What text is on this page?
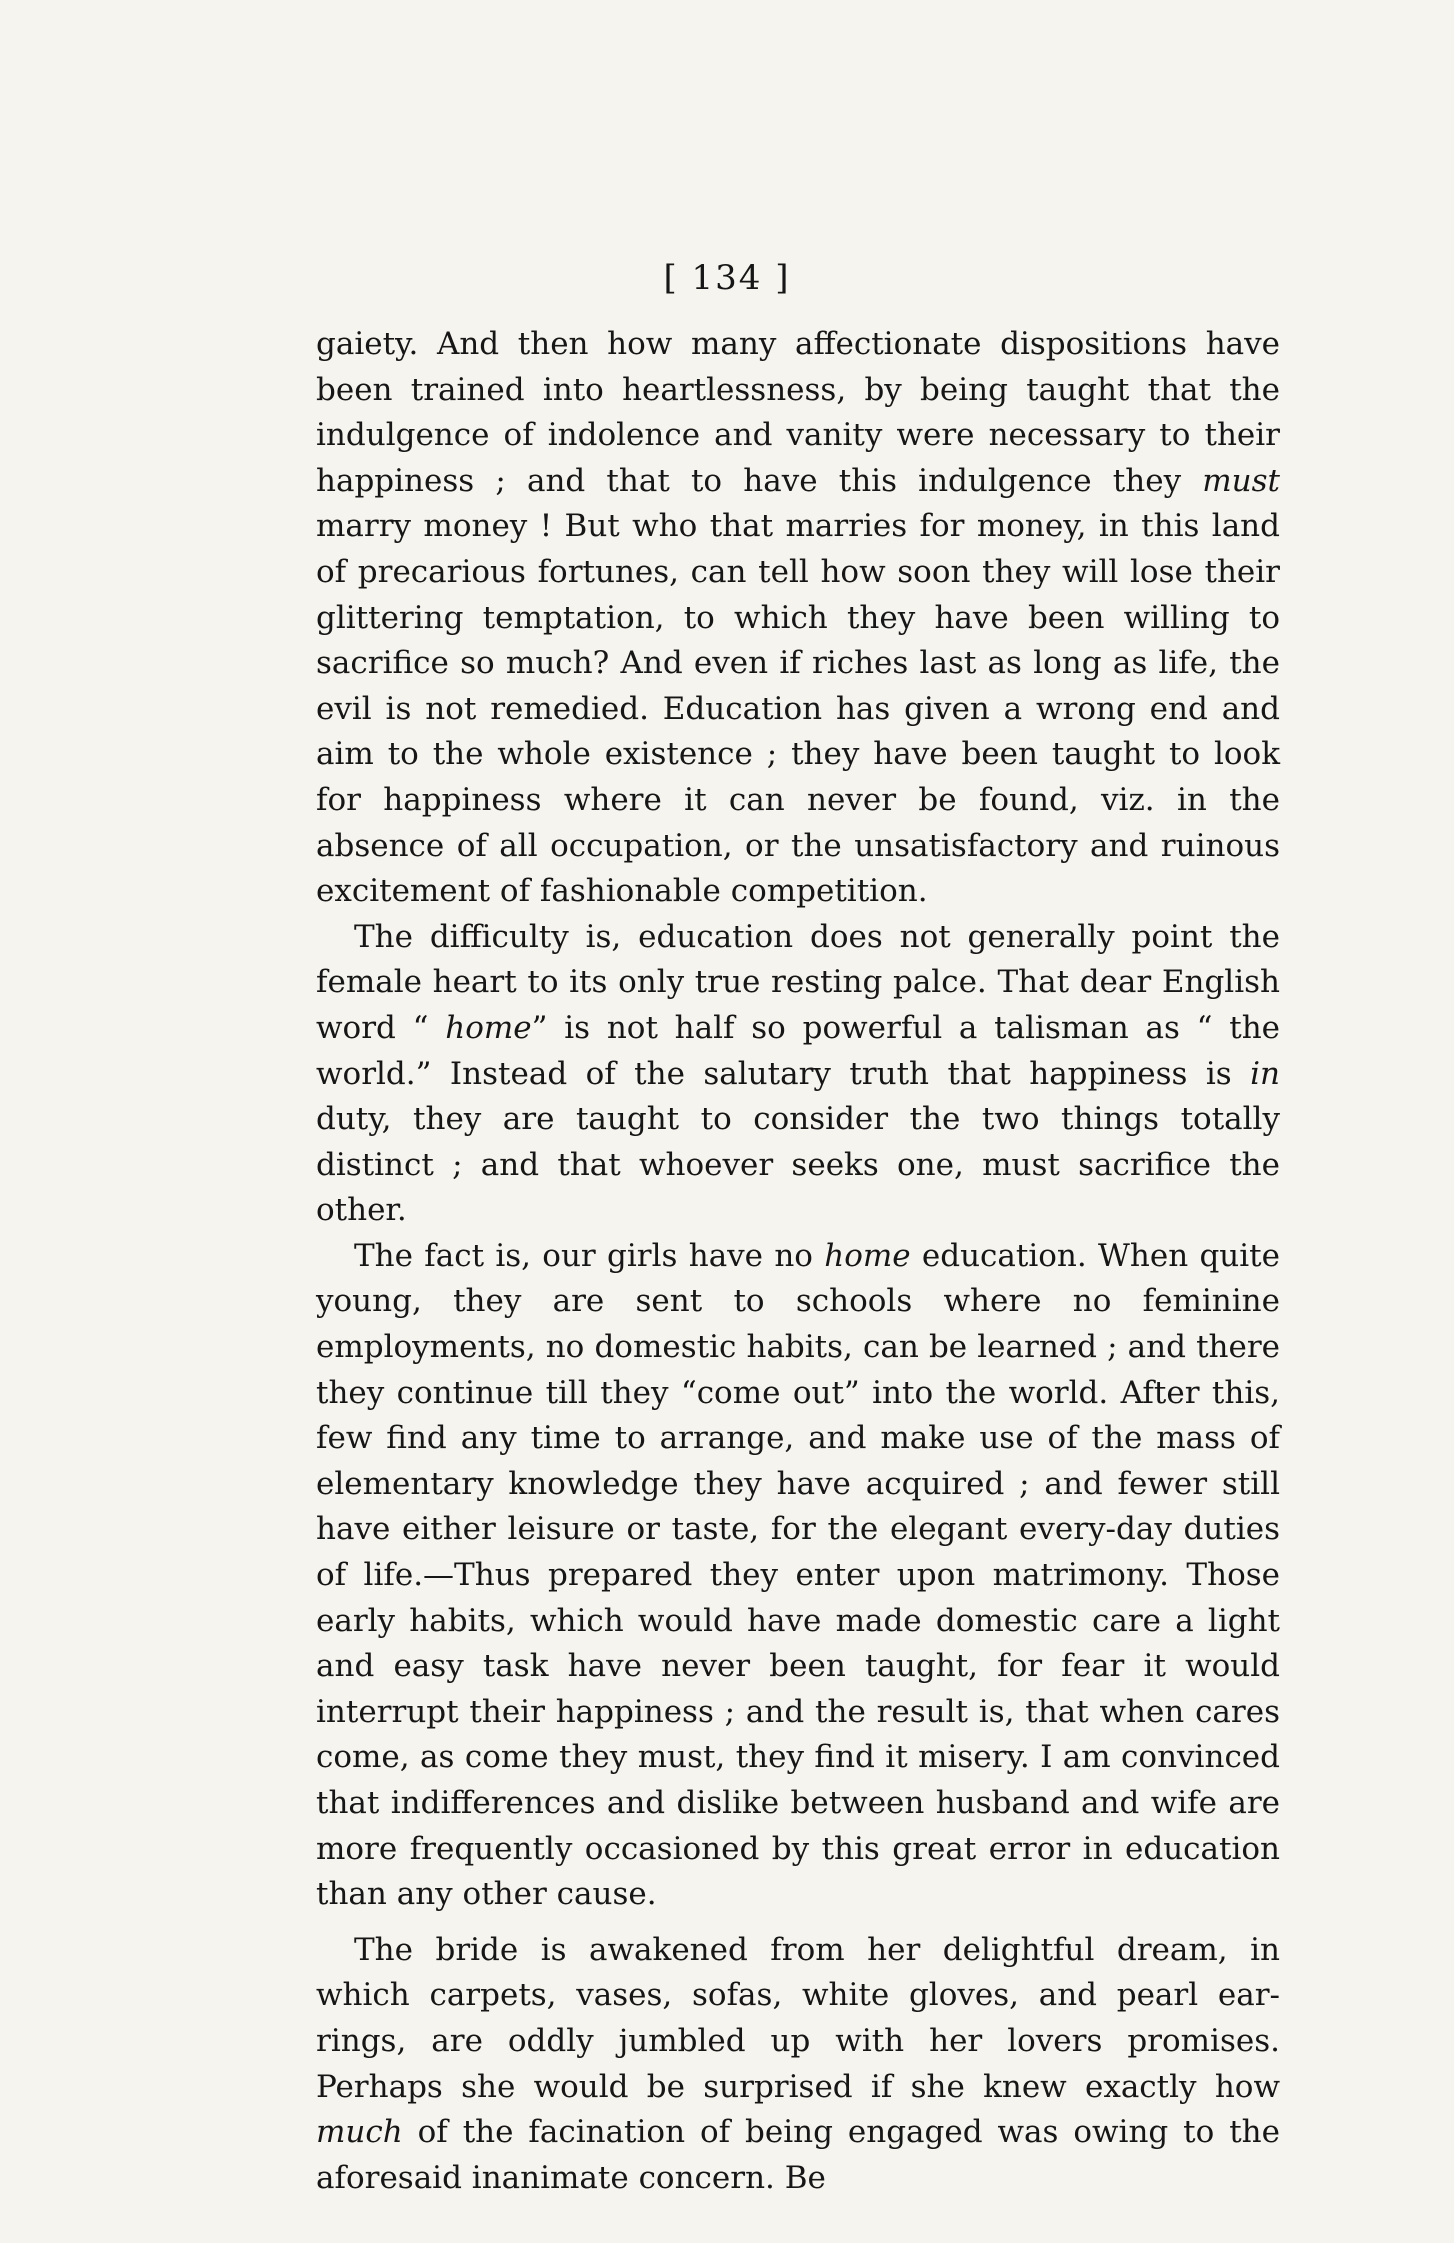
[ 134 ]

gaiety. And then how many affectionate dispositions have been trained into heartlessness, by being taught that the indulgence of indolence and vanity were necessary to their happiness ; and that to have this indulgence they must marry money ! But who that marries for money, in this land of precarious fortunes, can tell how soon they will lose their glittering temptation, to which they have been willing to sacrifice so much? And even if riches last as long as life, the evil is not remedied. Education has given a wrong end and aim to the whole existence ; they have been taught to look for happiness where it can never be found, viz. in the absence of all occupation, or the unsatisfactory and ruinous excitement of fashionable competition.

The difficulty is, education does not generally point the female heart to its only true resting palce. That dear English word “ home” is not half so powerful a talisman as “ the world.” Instead of the salutary truth that happiness is in duty, they are taught to consider the two things totally distinct ; and that whoever seeks one, must sacrifice the other.

The fact is, our girls have no home education. When quite young, they are sent to schools where no feminine employments, no domestic habits, can be learned ; and there they continue till they “come out” into the world. After this, few find any time to arrange, and make use of the mass of elementary knowledge they have acquired ; and fewer still have either leisure or taste, for the elegant every-day duties of life.—Thus prepared they enter upon matrimony. Those early habits, which would have made domestic care a light and easy task have never been taught, for fear it would interrupt their happiness ; and the result is, that when cares come, as come they must, they find it misery. I am convinced that indifferences and dislike between husband and wife are more frequently occasioned by this great error in education than any other cause.

The bride is awakened from her delightful dream, in which carpets, vases, sofas, white gloves, and pearl ear-rings, are oddly jumbled up with her lovers promises. Perhaps she would be surprised if she knew exactly how much of the facination of being engaged was owing to the aforesaid inanimate concern. Be
